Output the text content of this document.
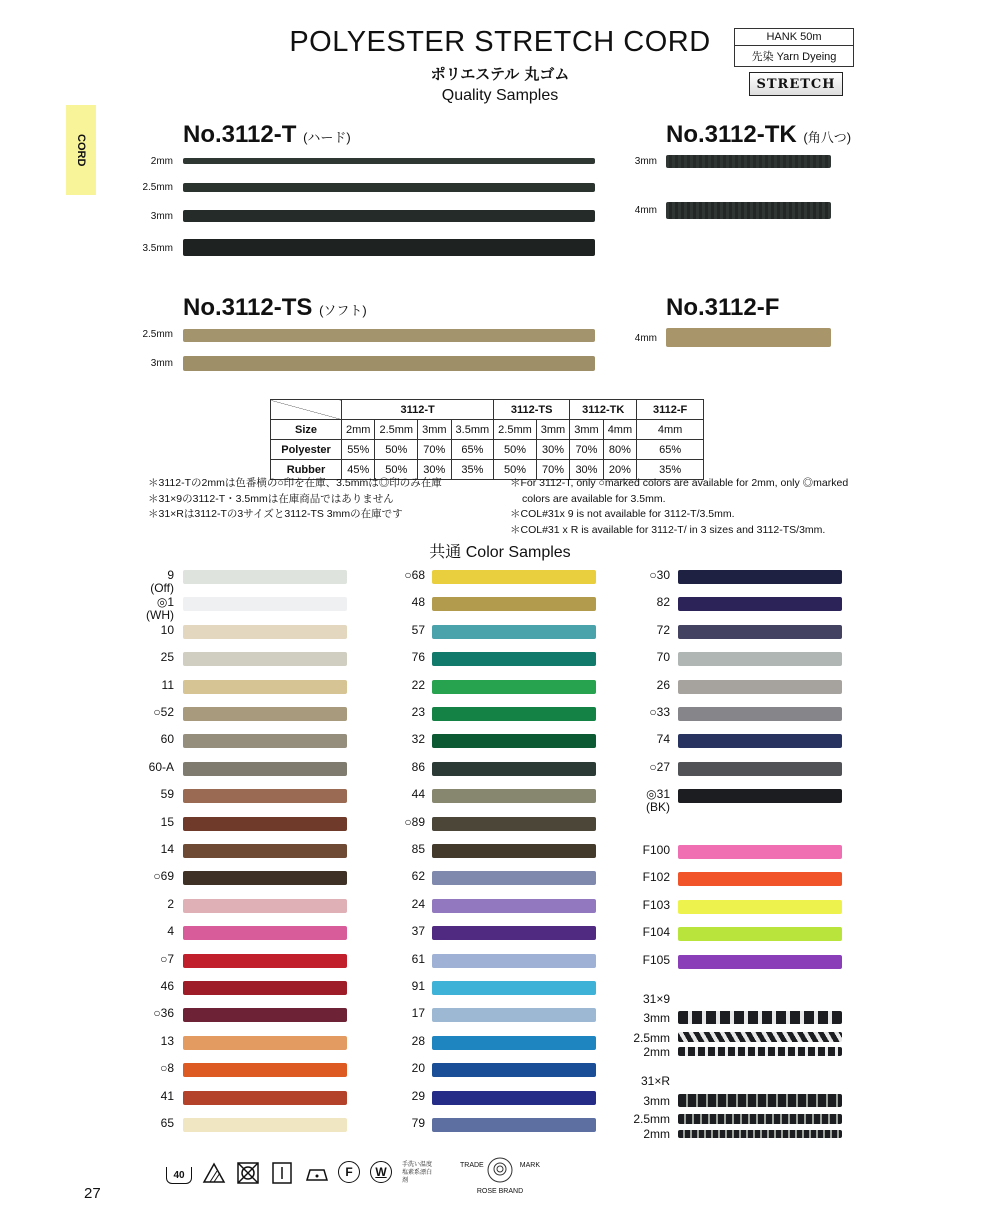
POLYESTER STRETCH CORD
ポリエステル 丸ゴム
Quality Samples
HANK 50m
先染 Yarn Dyeing
STRETCH
CORD	No.3112-T (ハード)
2mm
2.5mm
3mm
3.5mm
No.3112-TK (角八つ)
3mm
4mm
No.3112-TS (ソフト)
2.5mm
3mm
No.3112-F
4mm
	3112-T				3112-TS		3112-TK		3112-F
Size	2mm	2.5mm	3mm	3.5mm	2.5mm	3mm	3mm	4mm	4mm
Polyester	55%	50%	70%	65%	50%	30%	70%	80%	65%
Rubber	45%	50%	30%	35%	50%	70%	30%	20%	35%
＊3112-Tの2mmは色番横の○印を在庫、3.5mmは◎印のみ在庫
＊31×9の3112-T・3.5mmは在庫商品ではありません
＊31×Rは3112-Tの3サイズと3112-TS 3mmの在庫です
＊For 3112-T, only ○marked colors are available for 2mm, only ◎marked
colors are available for 3.5mm.
＊COL#31x 9 is not available for 3112-T/3.5mm.
＊COL#31 x R is available for 3112-T/ in 3 sizes and 3112-TS/3mm.
共通 Color Samples
9
(Off)
◎1
(WH)
10
25
11
○52
60
60-A
59
15
14
○69
2
4
○7
46
○36
13
○8
41
65
○68
48
57
76
22
23
32
86
44
○89
85
62
24
37
61
91
17
28
20
29
79
○30
82
72
70
26
○33
74
○27
◎31
(BK)
F100
F102
F103
F104
F105
31×9
3mm
2.5mm
2mm
31×R
3mm
2.5mm
2mm
40	F	W	手洗い温度
塩素系漂白剤
TRADE	MARK
ROSE BRAND
27
